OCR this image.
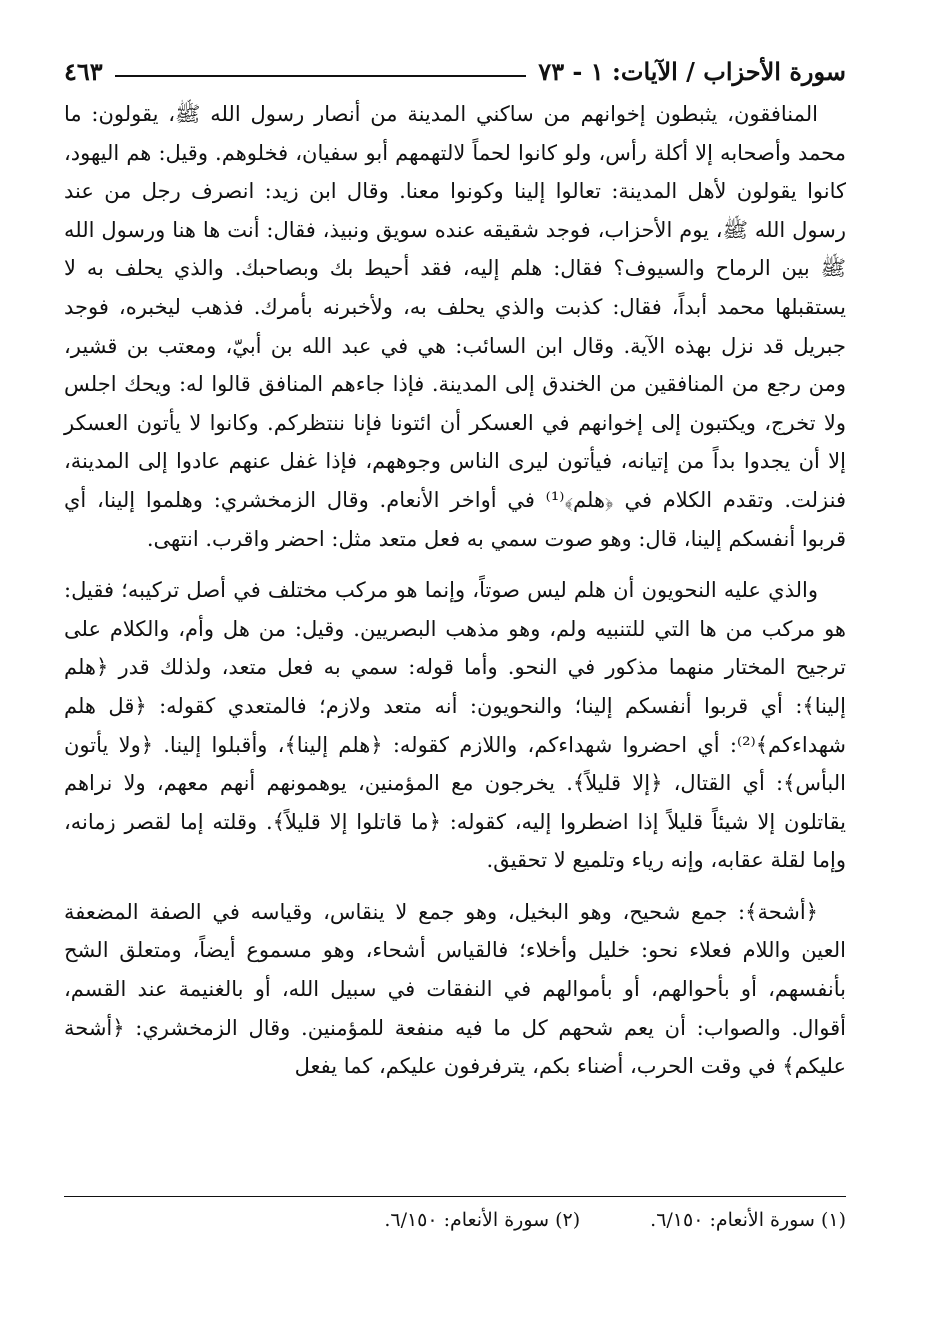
سورة الأحزاب / الآيات: ١ - ٧٣
٤٦٣

المنافقون، يثبطون إخوانهم من ساكني المدينة من أنصار رسول الله ﷺ، يقولون: ما محمد وأصحابه إلا أكلة رأس، ولو كانوا لحماً لالتهمهم أبو سفيان، فخلوهم. وقيل: هم اليهود، كانوا يقولون لأهل المدينة: تعالوا إلينا وكونوا معنا. وقال ابن زيد: انصرف رجل من عند رسول الله ﷺ، يوم الأحزاب، فوجد شقيقه عنده سويق ونبيذ، فقال: أنت ها هنا ورسول الله ﷺ بين الرماح والسيوف؟ فقال: هلم إليه، فقد أحيط بك وبصاحبك. والذي يحلف به لا يستقبلها محمد أبداً، فقال: كذبت والذي يحلف به، ولأخبرنه بأمرك. فذهب ليخبره، فوجد جبريل قد نزل بهذه الآية. وقال ابن السائب: هي في عبد الله بن أبيّ، ومعتب بن قشير، ومن رجع من المنافقين من الخندق إلى المدينة. فإذا جاءهم المنافق قالوا له: ويحك اجلس ولا تخرج، ويكتبون إلى إخوانهم في العسكر أن ائتونا فإنا ننتظركم. وكانوا لا يأتون العسكر إلا أن يجدوا بداً من إتيانه، فيأتون ليرى الناس وجوههم، فإذا غفل عنهم عادوا إلى المدينة، فنزلت. وتقدم الكلام في ﴿هلم﴾⁽¹⁾ في أواخر الأنعام. وقال الزمخشري: وهلموا إلينا، أي قربوا أنفسكم إلينا، قال: وهو صوت سمي به فعل متعد مثل: احضر واقرب. انتهى.

والذي عليه النحويون أن هلم ليس صوتاً، وإنما هو مركب مختلف في أصل تركيبه؛ فقيل: هو مركب من ها التي للتنبيه ولم، وهو مذهب البصريين. وقيل: من هل وأم، والكلام على ترجيح المختار منهما مذكور في النحو. وأما قوله: سمي به فعل متعد، ولذلك قدر ﴿هلم إلينا﴾: أي قربوا أنفسكم إلينا؛ والنحويون: أنه متعد ولازم؛ فالمتعدي كقوله: ﴿قل هلم شهداءكم﴾⁽²⁾: أي احضروا شهداءكم، واللازم كقوله: ﴿هلم إلينا﴾، وأقبلوا إلينا. ﴿ولا يأتون البأس﴾: أي القتال، ﴿إلا قليلاً﴾. يخرجون مع المؤمنين، يوهمونهم أنهم معهم، ولا نراهم يقاتلون إلا شيئاً قليلاً إذا اضطروا إليه، كقوله: ﴿ما قاتلوا إلا قليلاً﴾. وقلته إما لقصر زمانه، وإما لقلة عقابه، وإنه رياء وتلميع لا تحقيق.

﴿أشحة﴾: جمع شحيح، وهو البخيل، وهو جمع لا ينقاس، وقياسه في الصفة المضعفة العين واللام فعلاء نحو: خليل وأخلاء؛ فالقياس أشحاء، وهو مسموع أيضاً، ومتعلق الشح بأنفسهم، أو بأحوالهم، أو بأموالهم في النفقات في سبيل الله، أو بالغنيمة عند القسم، أقوال. والصواب: أن يعم شحهم كل ما فيه منفعة للمؤمنين. وقال الزمخشري: ﴿أشحة عليكم﴾ في وقت الحرب، أضناء بكم، يترفرفون عليكم، كما يفعل

(١) سورة الأنعام: ٦/١٥٠.
(٢) سورة الأنعام: ٦/١٥٠.
